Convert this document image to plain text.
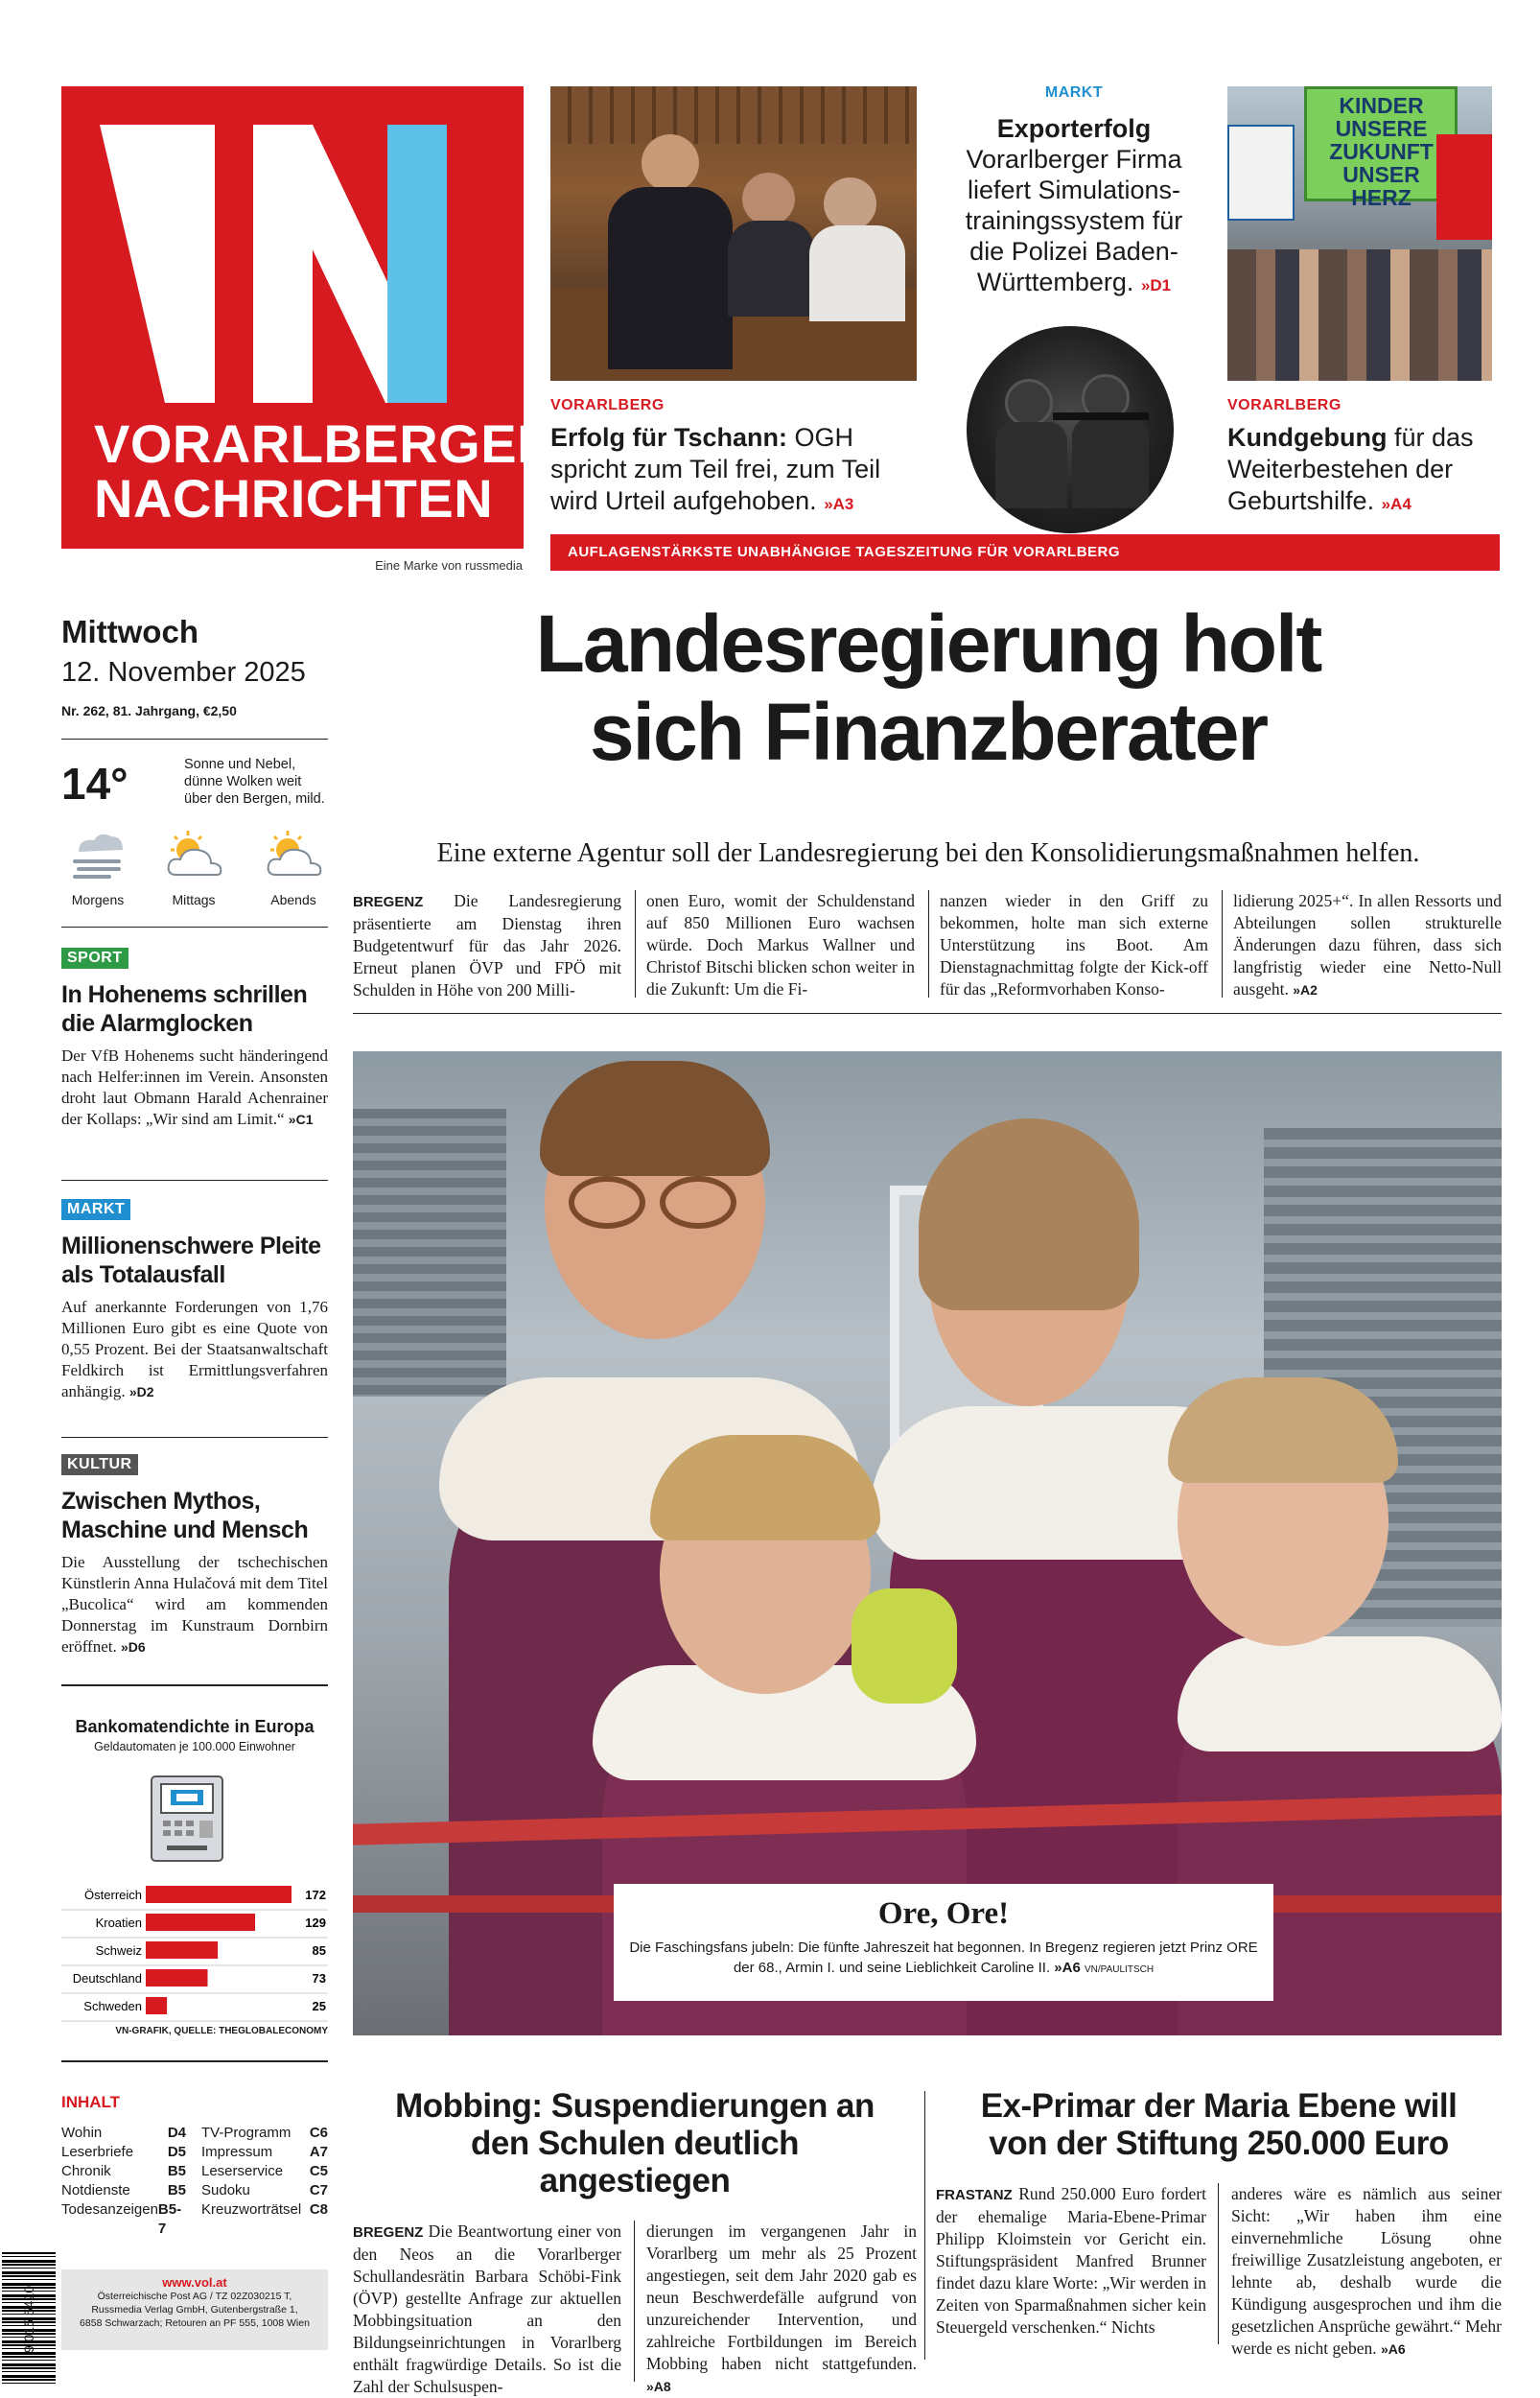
VORARLBERGER
NACHRICHTEN
Eine Marke von russmedia
VORARLBERG
Erfolg für Tschann: OGH spricht zum Teil frei, zum Teil wird Urteil aufgehoben. »A3
MARKT
Exporterfolg
Vorarlberger Firma liefert Simulations-trainingssystem für die Polizei Baden-Württemberg. »D1
KINDER UNSERE ZUKUNFT UNSER HERZ
VORARLBERG
Kundgebung für das Weiterbestehen der Geburtshilfe. »A4
AUFLAGENSTÄRKSTE UNABHÄNGIGE TAGESZEITUNG FÜR VORARLBERG
Mittwoch
12. November 2025
Nr. 262, 81. Jahrgang, €2,50
14°	Sonne und Nebel, dünne Wolken weit über den Bergen, mild.
Morgens	Mittags	Abends
SPORT
In Hohenems schrillen die Alarmglocken
Der VfB Hohenems sucht händeringend nach Helfer:innen im Verein. Ansonsten droht laut Obmann Harald Achenrainer der Kollaps: „Wir sind am Limit.“ »C1
MARKT
Millionenschwere Pleite als Totalausfall
Auf anerkannte Forderungen von 1,76 Millionen Euro gibt es eine Quote von 0,55 Prozent. Bei der Staatsanwaltschaft Feldkirch ist Ermittlungsverfahren anhängig. »D2
KULTUR
Zwischen Mythos, Maschine und Mensch
Die Ausstellung der tschechischen Künstlerin Anna Hulačová mit dem Titel „Bucolica“ wird am kommenden Donnerstag im Kunstraum Dornbirn eröffnet. »D6
Bankomatendichte in Europa
Geldautomaten je 100.000 Einwohner
Österreich	172
Kroatien	129
Schweiz	85
Deutschland	73
Schweden	25
VN-GRAFIK, QUELLE: THEGLOBALECONOMY
INHALT
Wohin	D4
Leserbriefe D5
Chronik	B5
Notdienste	B5
Todesanzeigen B5-7
TV-Programm C6
Impressum	A7
Leserservice C5
Sudoku	C7
Kreuzworträtsel C8
9 015 5420
www.vol.at
Österreichische Post AG / TZ 02Z030215 T,
Russmedia Verlag GmbH, Gutenbergstraße 1,
6858 Schwarzach; Retouren an PF 555, 1008 Wien
Landesregierung holt
sich Finanzberater
Eine externe Agentur soll der Landesregierung bei den Konsolidierungsmaßnahmen helfen.
BREGENZ Die Landesregierung präsentierte am Dienstag ihren Budgetentwurf für das Jahr 2026. Erneut planen ÖVP und FPÖ mit Schulden in Höhe von 200 Milli-
onen Euro, womit der Schuldenstand auf 850 Millionen Euro wachsen würde. Doch Markus Wallner und Christof Bitschi blicken schon weiter in die Zukunft: Um die Fi-
nanzen wieder in den Griff zu bekommen, holte man sich externe Unterstützung ins Boot. Am Dienstagnachmittag folgte der Kick-off für das „Reformvorhaben Konso-
lidierung 2025+“. In allen Ressorts und Abteilungen sollen strukturelle Änderungen dazu führen, dass sich langfristig wieder eine Netto-Null ausgeht. »A2
Ore, Ore!
Die Faschingsfans jubeln: Die fünfte Jahreszeit hat begonnen. In Bregenz regieren jetzt Prinz ORE der 68., Armin I. und seine Lieblichkeit Caroline II. »A6 VN/PAULITSCH
Mobbing: Suspendierungen an den Schulen deutlich angestiegen
BREGENZ Die Beantwortung einer von den Neos an die Vorarlberger Schullandesrätin Barbara Schöbi-Fink (ÖVP) gestellte Anfrage zur aktuellen Mobbingsituation an den Bildungseinrichtungen in Vorarlberg enthält fragwürdige Details. So ist die Zahl der Schulsuspen-
dierungen im vergangenen Jahr in Vorarlberg um mehr als 25 Prozent angestiegen, seit dem Jahr 2020 gab es neun Beschwerdefälle aufgrund von unzureichender Intervention, und zahlreiche Fortbildungen im Bereich Mobbing haben nicht stattgefunden. »A8
Ex-Primar der Maria Ebene will von der Stiftung 250.000 Euro
FRASTANZ Rund 250.000 Euro fordert der ehemalige Maria-Ebene-Primar Philipp Kloimstein vor Gericht ein. Stiftungspräsident Manfred Brunner findet dazu klare Worte: „Wir werden in Zeiten von Sparmaßnahmen sicher kein Steuergeld verschenken.“ Nichts
anderes wäre es nämlich aus seiner Sicht: „Wir haben ihm eine einvernehmliche Lösung ohne freiwillige Zusatzleistung angeboten, er lehnte ab, deshalb wurde die Kündigung ausgesprochen und ihm die gesetzlichen Ansprüche gewährt.“ Mehr werde es nicht geben. »A6
